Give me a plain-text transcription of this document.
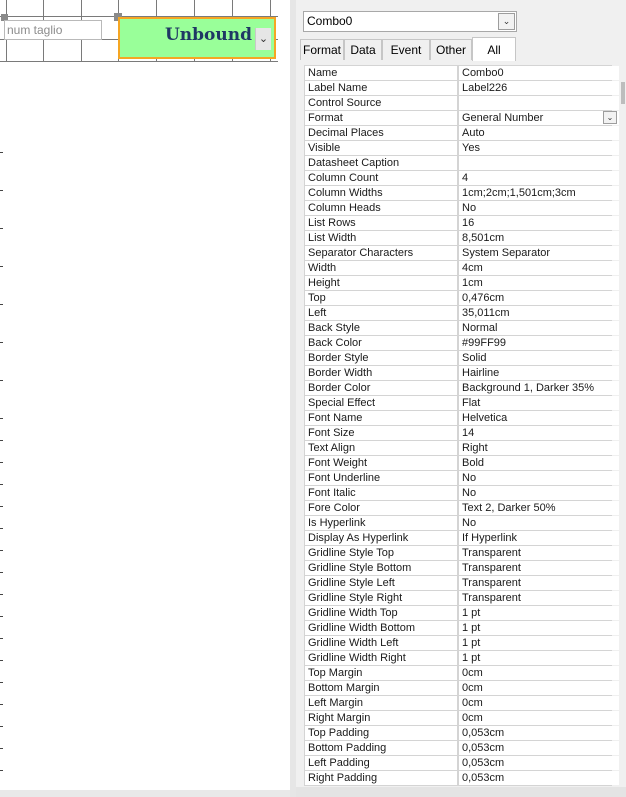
num taglio	Unbound ⌄
Combo0	⌄
Format Data	Event	Other	All
Name	Combo0
Label Name	Label226
Control Source
Format	General Number	⌄
Decimal Places	Auto
Visible	Yes
Datasheet Caption
Column Count	4
Column Widths	1cm;2cm;1,501cm;3cm
Column Heads	No
List Rows	16
List Width	8,501cm
Separator Characters	System Separator
Width	4cm
Height	1cm
Top	0,476cm
Left	35,011cm
Back Style	Normal
Back Color	#99FF99
Border Style	Solid
Border Width	Hairline
Border Color	Background 1, Darker 35%
Special Effect	Flat
Font Name	Helvetica
Font Size	14
Text Align	Right
Font Weight	Bold
Font Underline	No
Font Italic	No
Fore Color	Text 2, Darker 50%
Is Hyperlink	No
Display As Hyperlink	If Hyperlink
Gridline Style Top	Transparent
Gridline Style Bottom	Transparent
Gridline Style Left	Transparent
Gridline Style Right	Transparent
Gridline Width Top	1 pt
Gridline Width Bottom	1 pt
Gridline Width Left	1 pt
Gridline Width Right	1 pt
Top Margin	0cm
Bottom Margin	0cm
Left Margin	0cm
Right Margin	0cm
Top Padding	0,053cm
Bottom Padding	0,053cm
Left Padding	0,053cm
Right Padding	0,053cm
